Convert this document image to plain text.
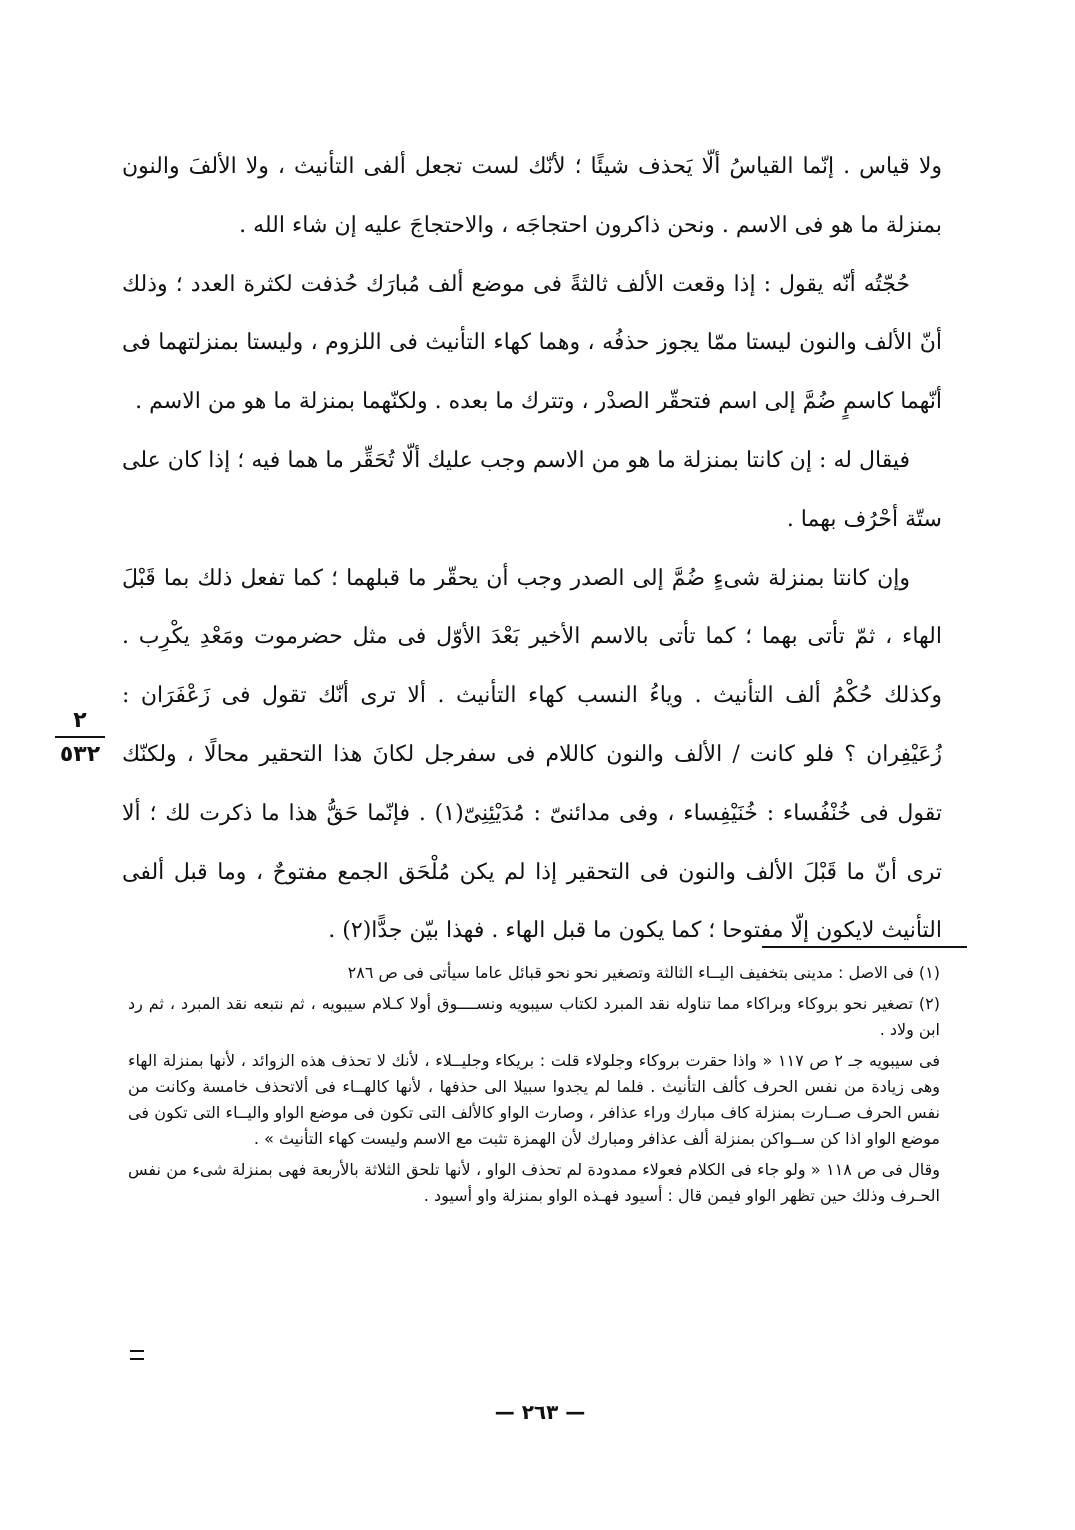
ولا قياس . إنّما القياسُ ألّا يَحذف شيئًا ؛ لأنّك لست تجعل ألفى التأنيث ، ولا الألفَ والنون بمنزلة ما هو فى الاسم . ونحن ذاكرون احتجاجَه ، والاحتجاجَ عليه إن شاء الله .

حُجّتُه أنّه يقول : إذا وقعت الألف ثالثةً فى موضع ألف مُبارَك حُذفت لكثرة العدد ؛ وذلك أنّ الألف والنون ليستا ممّا يجوز حذفُه ، وهما كهاء التأنيث فى اللزوم ، وليستا بمنزلتهما فى أنّهما كاسمٍ ضُمَّ إلى اسم فتحقّر الصدْر ، وتترك ما بعده . ولكنّهما بمنزلة ما هو من الاسم .

فيقال له : إن كانتا بمنزلة ما هو من الاسم وجب عليك ألّا تُحَقِّر ما هما فيه ؛ إذا كان على ستّة أحْرُف بهما .

وإن كانتا بمنزلة شىءٍ ضُمَّ إلى الصدر وجب أن يحقّر ما قبلهما ؛ كما تفعل ذلك بما قَبْلَ الهاء ، ثمّ تأتى بهما ؛ كما تأتى بالاسم الأخير بَعْدَ الأوّل فى مثل حضرموت ومَعْدِ يكْرِب . وكذلك حُكْمُ ألف التأنيث . وياءُ النسب كهاء التأنيث . ألا ترى أنّك تقول فى زَعْفَرَان : زُعَيْفِران ؟ فلو كانت / الألف والنون كاللام فى سفرجل لكانَ هذا التحقير محالًا ، ولكنّك تقول فى خُنْفُساء : خُنَيْفِساء ، وفى مدائنىّ : مُدَيْئِنِىّ(١) . فإنّما حَقُّ هذا ما ذكرت لك ؛ ألا ترى أنّ ما قَبْلَ الألف والنون فى التحقير إذا لم يكن مُلْحَق الجمع مفتوحٌ ، وما قبل ألفى التأنيث لايكون إلّا مفتوحا ؛ كما يكون ما قبل الهاء . فهذا بيّن جدًّا(٢) .

٢
٥٣٢

(١) فى الاصل : مدينى بتخفيف اليــاء الثالثة وتصغير نحو نحو قبائل عاما سيأتى فى ص ٢٨٦

(٢) تصغير نحو بروكاء وبراكاء مما تناوله نقد المبرد لكتاب سيبويه ونســــوق أولا كـلام سيبويه ، ثم نتبعه نقد المبرد ، ثم رد ابن ولاد .

فى سيبويه جـ ٢ ص ١١٧ « واذا حقرت بروكاء وجلولاء قلت : بريكاء وجليــلاء ، لأنك لا تحذف هذه الزوائد ، لأنها بمنزلة الهاء وهى زيادة من نفس الحرف كألف التأنيث . فلما لم يجدوا سبيلا الى حذفها ، لأنها كالهــاء فى ألاتحذف خامسة وكانت من نفس الحرف صــارت بمنزلة كاف مبارك وراء عذافر ، وصارت الواو كالألف التى تكون فى موضع الواو واليــاء التى تكون فى موضع الواو اذا كن ســواكن بمنزلة ألف عذافر ومبارك لأن الهمزة تثبت مع الاسم وليست كهاء التأنيث » .

وقال فى ص ١١٨ « ولو جاء فى الكلام فعولاء ممدودة لم تحذف الواو ، لأنها تلحق الثلاثة بالأربعة فهى بمنزلة شىء من نفس الحـرف وذلك حين تظهر الواو فيمن قال : أسيود فهـذه الواو بمنزلة واو أسيود .

— ٢٦٣ —
